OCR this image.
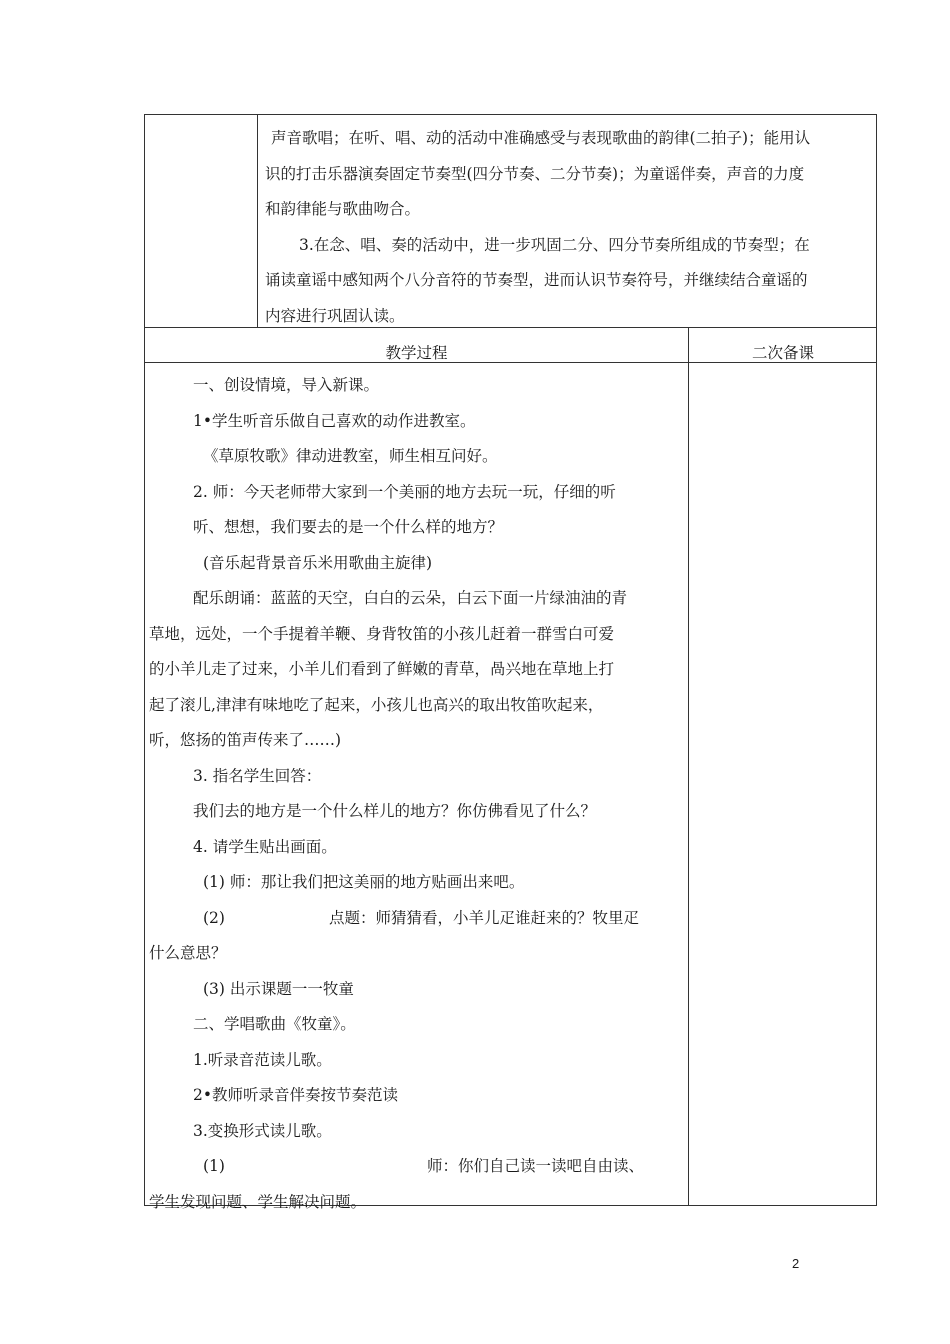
声音歌唱；在听、唱、动的活动中准确感受与表现歌曲的韵律(二拍子)；能用认

识的打击乐器演奏固定节奏型(四分节奏、二分节奏)；为童谣伴奏，声音的力度

和韵律能与歌曲吻合。

3.在念、唱、奏的活动中，进一步巩固二分、四分节奏所组成的节奏型；在

诵读童谣中感知两个八分音符的节奏型，进而认识节奏符号，并继续结合童谣的

内容进行巩固认读。

教学过程	二次备课

一、创设情境，导入新课。

1•学生听音乐做自己喜欢的动作进教室。

《草原牧歌》律动进教室，师生相互问好。

2. 师：今天老师带大家到一个美丽的地方去玩一玩，仔细的听

听、想想，我们要去的是一个什么样的地方？

(音乐起背景音乐米用歌曲主旋律)

配乐朗诵：蓝蓝的天空，白白的云朵，白云下面一片绿油油的青

草地，远处，一个手提着羊鞭、身背牧笛的小孩儿赶着一群雪白可爱

的小羊儿走了过来，小羊儿们看到了鲜嫩的青草，咼兴地在草地上打

起了滚儿,津津有味地吃了起来，小孩儿也高兴的取出牧笛吹起来，

听，悠扬的笛声传来了……)

3. 指名学生回答：

我们去的地方是一个什么样儿的地方？你仿佛看见了什么？

4. 请学生贴出画面。

(1) 师：那让我们把这美丽的地方贴画出来吧。

(2)	点题：师猜猜看，小羊儿疋谁赶来的？牧里疋

什么意思？

(3) 出示课题一一牧童

二、学唱歌曲《牧童》。

1.听录音范读儿歌。

2•教师听录音伴奏按节奏范读

3.变换形式读儿歌。

(1)	师：你们自己读一读吧自由读、

学生发现问题、学生解决问题。

2
